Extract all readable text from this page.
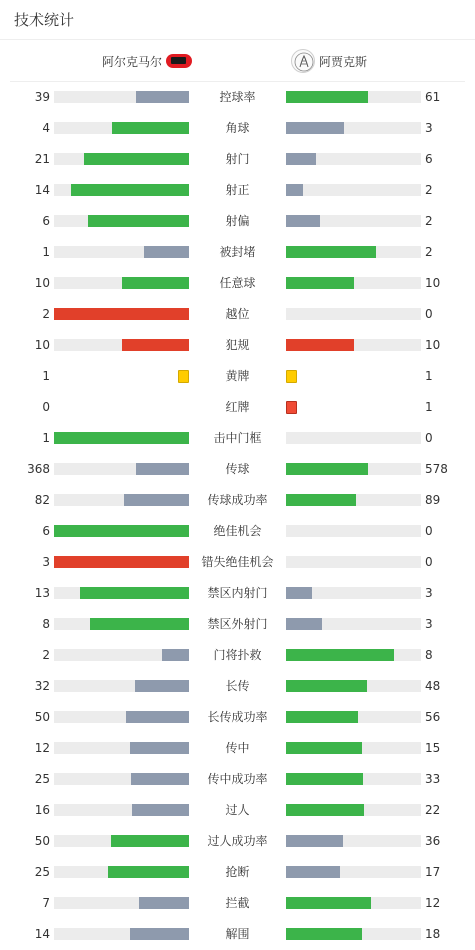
技术统计
阿尔克马尔	阿贾克斯
39	控球率	61
4	角球	3
21	射门	6
14	射正	2
6	射偏	2
1	被封堵	2
10	任意球	10
2	越位	0
10	犯规	10
1	黄牌	1
0	红牌	1
1	击中门框	0
368	传球	578
82	传球成功率	89
6	绝佳机会	0
3	错失绝佳机会	0
13	禁区内射门	3
8	禁区外射门	3
2	门将扑救	8
32	长传	48
50	长传成功率	56
12	传中	15
25	传中成功率	33
16	过人	22
50	过人成功率	36
25	抢断	17
7	拦截	12
14	解围	18
